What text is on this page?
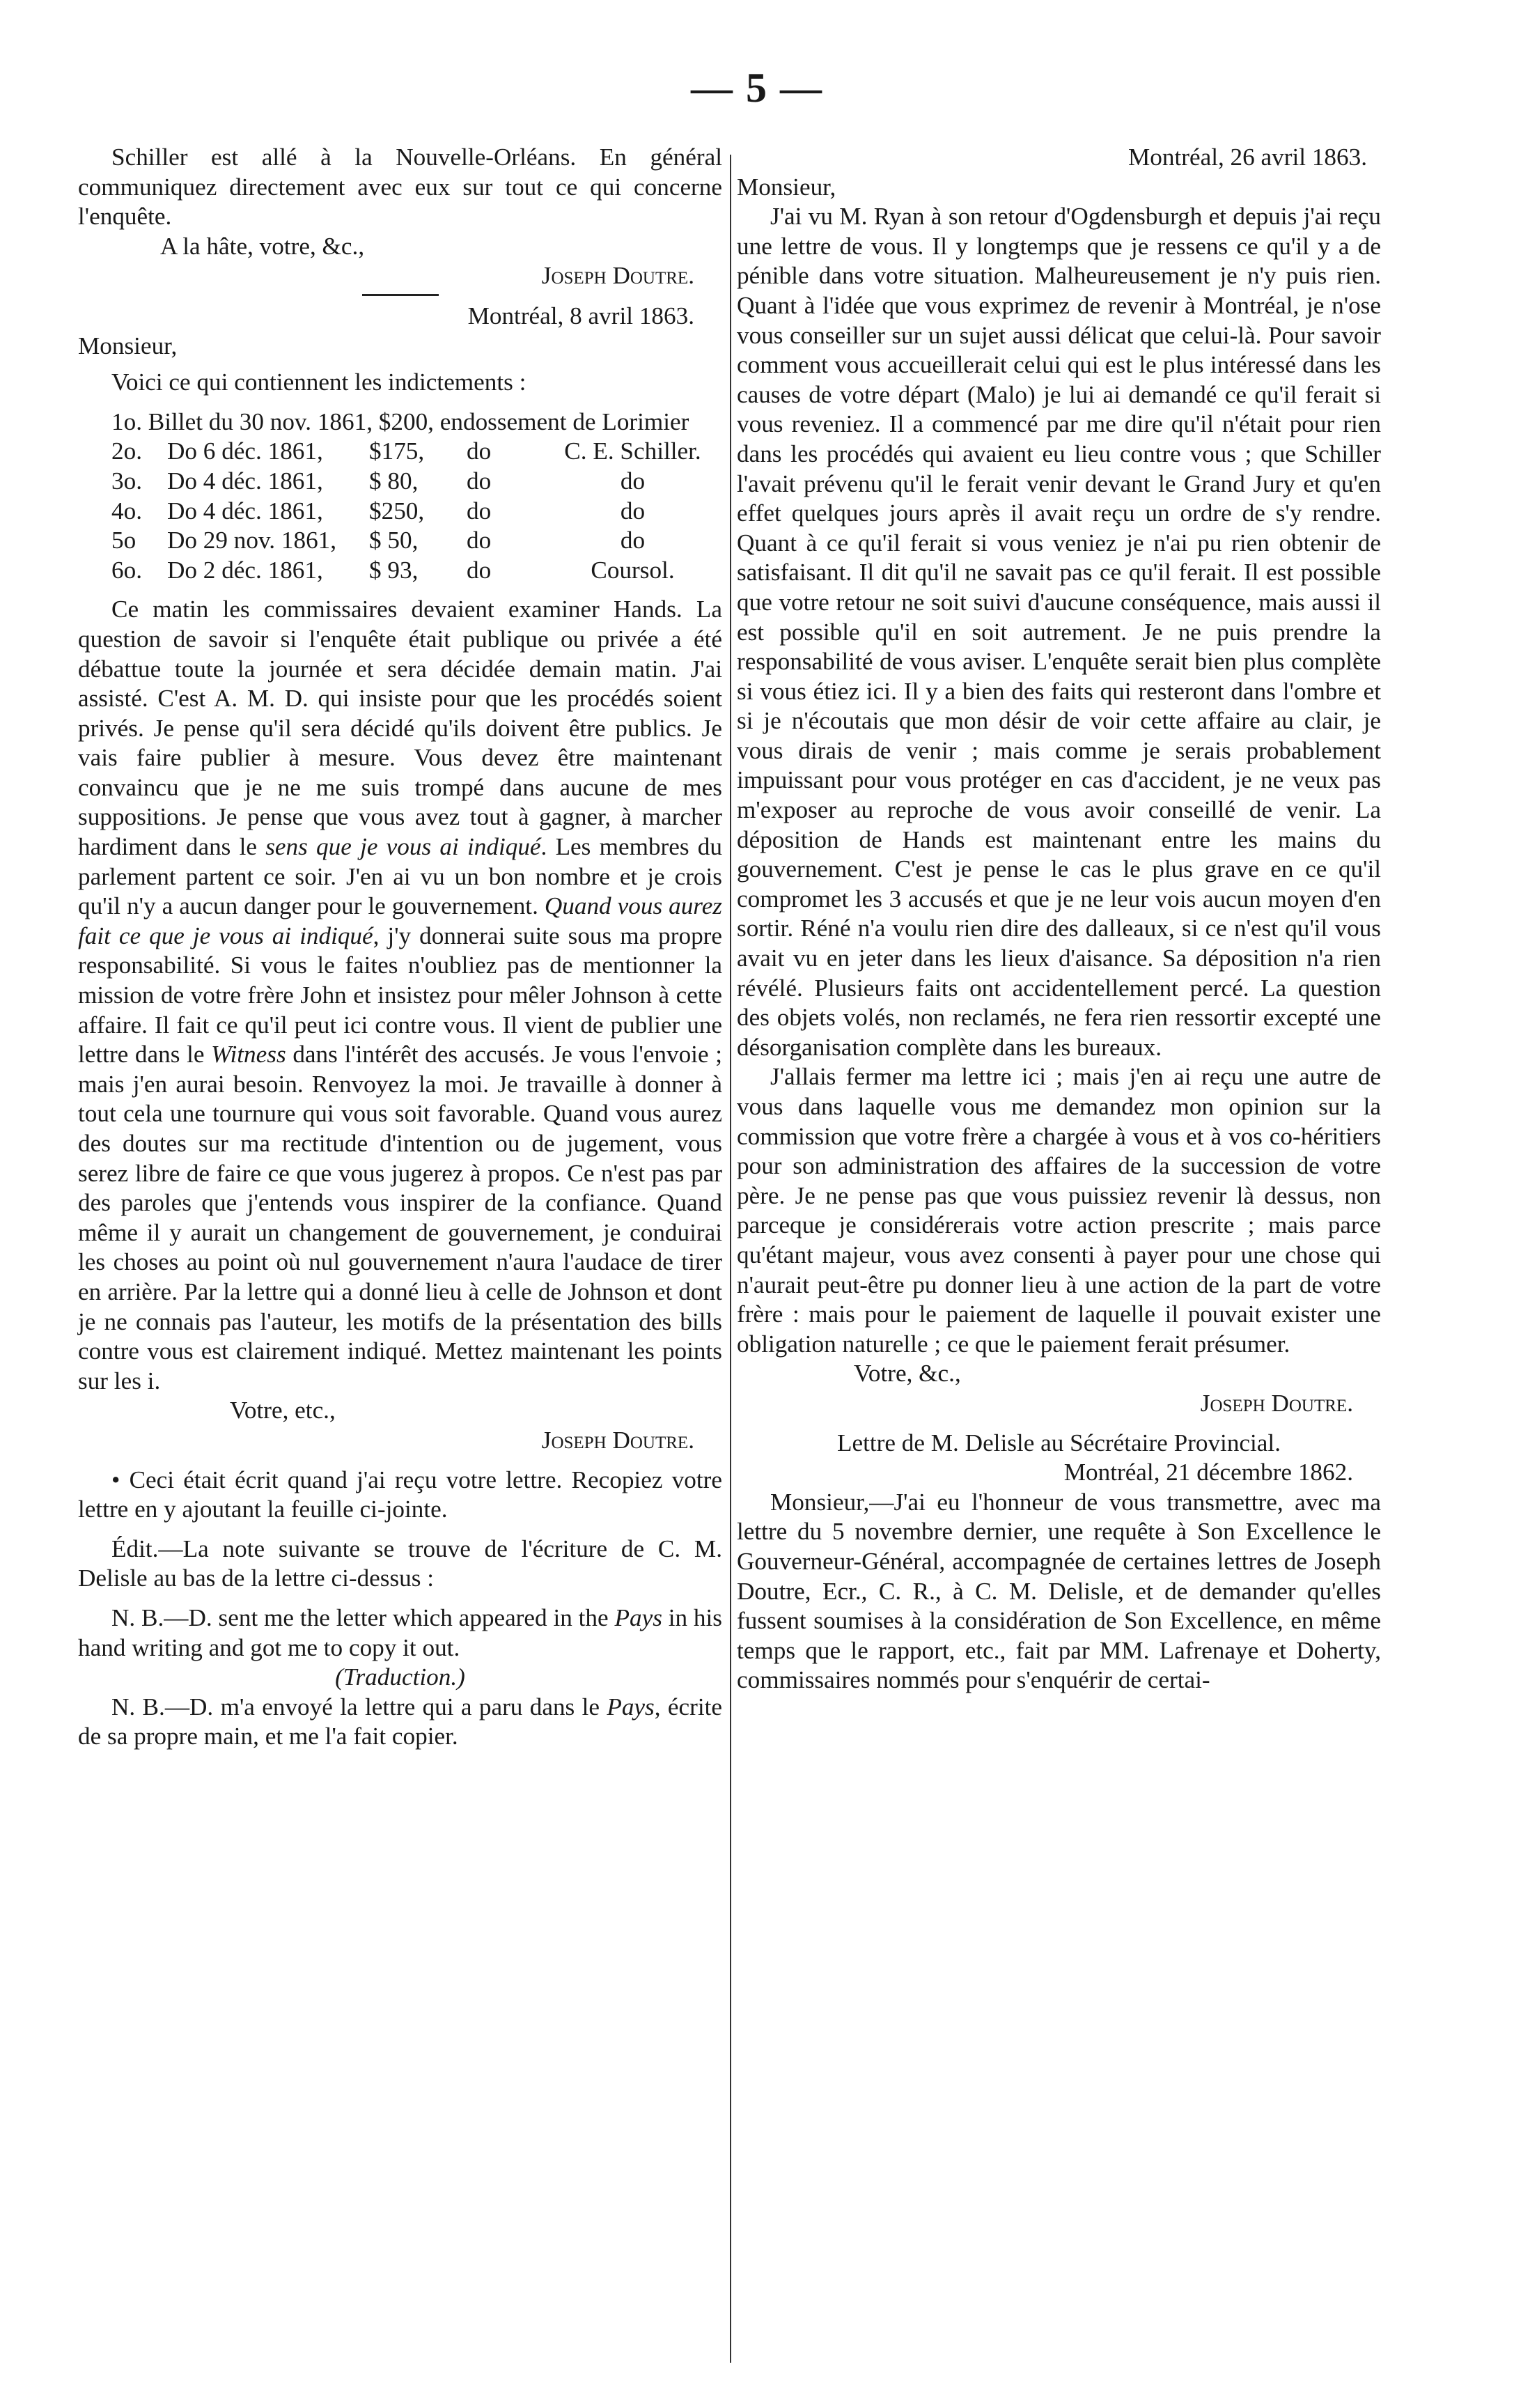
— 5 —

Schiller est allé à la Nouvelle-Orléans. En général communiquez directement avec eux sur tout ce qui concerne l'enquête.

A la hâte, votre, &c.,

Joseph Doutre.

Montréal, 8 avril 1863.

Monsieur,

Voici ce qui contiennent les indictements :

1o. Billet du 30 nov. 1861, $200, endossement de Lorimier

2o.	Do 6 déc. 1861,	$175,	do	C. E. Schiller.
3o.	Do 4 déc. 1861,	$ 80,	do	do
4o.	Do 4 déc. 1861,	$250,	do	do
5o	Do 29 nov. 1861,	$ 50,	do	do
6o.	Do 2 déc. 1861,	$ 93,	do	Coursol.

Ce matin les commissaires devaient examiner Hands. La question de savoir si l'enquête était publique ou privée a été débattue toute la journée et sera décidée demain matin. J'ai assisté. C'est A. M. D. qui insiste pour que les procédés soient privés. Je pense qu'il sera décidé qu'ils doivent être publics. Je vais faire publier à mesure. Vous devez être maintenant convaincu que je ne me suis trompé dans aucune de mes suppositions. Je pense que vous avez tout à gagner, à marcher hardiment dans le sens que je vous ai indiqué. Les membres du parlement partent ce soir. J'en ai vu un bon nombre et je crois qu'il n'y a aucun danger pour le gouvernement. Quand vous aurez fait ce que je vous ai indiqué, j'y donnerai suite sous ma propre responsabilité. Si vous le faites n'oubliez pas de mentionner la mission de votre frère John et insistez pour mêler Johnson à cette affaire. Il fait ce qu'il peut ici contre vous. Il vient de publier une lettre dans le Witness dans l'intérêt des accusés. Je vous l'envoie ; mais j'en aurai besoin. Renvoyez la moi. Je travaille à donner à tout cela une tournure qui vous soit favorable. Quand vous aurez des doutes sur ma rectitude d'intention ou de jugement, vous serez libre de faire ce que vous jugerez à propos. Ce n'est pas par des paroles que j'entends vous inspirer de la confiance. Quand même il y aurait un changement de gouvernement, je conduirai les choses au point où nul gouvernement n'aura l'audace de tirer en arrière. Par la lettre qui a donné lieu à celle de Johnson et dont je ne connais pas l'auteur, les motifs de la présentation des bills contre vous est clairement indiqué. Mettez maintenant les points sur les i.

Votre, etc.,

Joseph Doutre.

• Ceci était écrit quand j'ai reçu votre lettre. Recopiez votre lettre en y ajoutant la feuille ci-jointe.

Édit.—La note suivante se trouve de l'écriture de C. M. Delisle au bas de la lettre ci-dessus :

N. B.—D. sent me the letter which appeared in the Pays in his hand writing and got me to copy it out.

(Traduction.)

N. B.—D. m'a envoyé la lettre qui a paru dans le Pays, écrite de sa propre main, et me l'a fait copier.

Montréal, 26 avril 1863.

Monsieur,

J'ai vu M. Ryan à son retour d'Ogdensburgh et depuis j'ai reçu une lettre de vous. Il y longtemps que je ressens ce qu'il y a de pénible dans votre situation. Malheureusement je n'y puis rien. Quant à l'idée que vous exprimez de revenir à Montréal, je n'ose vous conseiller sur un sujet aussi délicat que celui-là. Pour savoir comment vous accueillerait celui qui est le plus intéressé dans les causes de votre départ (Malo) je lui ai demandé ce qu'il ferait si vous reveniez. Il a commencé par me dire qu'il n'était pour rien dans les procédés qui avaient eu lieu contre vous ; que Schiller l'avait prévenu qu'il le ferait venir devant le Grand Jury et qu'en effet quelques jours après il avait reçu un ordre de s'y rendre. Quant à ce qu'il ferait si vous veniez je n'ai pu rien obtenir de satisfaisant. Il dit qu'il ne savait pas ce qu'il ferait. Il est possible que votre retour ne soit suivi d'aucune conséquence, mais aussi il est possible qu'il en soit autrement. Je ne puis prendre la responsabilité de vous aviser. L'enquête serait bien plus complète si vous étiez ici. Il y a bien des faits qui resteront dans l'ombre et si je n'écoutais que mon désir de voir cette affaire au clair, je vous dirais de venir ; mais comme je serais probablement impuissant pour vous protéger en cas d'accident, je ne veux pas m'exposer au reproche de vous avoir conseillé de venir. La déposition de Hands est maintenant entre les mains du gouvernement. C'est je pense le cas le plus grave en ce qu'il compromet les 3 accusés et que je ne leur vois aucun moyen d'en sortir. Réné n'a voulu rien dire des dalleaux, si ce n'est qu'il vous avait vu en jeter dans les lieux d'aisance. Sa déposition n'a rien révélé. Plusieurs faits ont accidentellement percé. La question des objets volés, non reclamés, ne fera rien ressortir excepté une désorganisation complète dans les bureaux.

J'allais fermer ma lettre ici ; mais j'en ai reçu une autre de vous dans laquelle vous me demandez mon opinion sur la commission que votre frère a chargée à vous et à vos co-héritiers pour son administration des affaires de la succession de votre père. Je ne pense pas que vous puissiez revenir là dessus, non parceque je considérerais votre action prescrite ; mais parce qu'étant majeur, vous avez consenti à payer pour une chose qui n'aurait peut-être pu donner lieu à une action de la part de votre frère : mais pour le paiement de laquelle il pouvait exister une obligation naturelle ; ce que le paiement ferait présumer.

Votre, &c.,

Joseph Doutre.

Lettre de M. Delisle au Sécrétaire Provincial.

Montréal, 21 décembre 1862.

Monsieur,—J'ai eu l'honneur de vous transmettre, avec ma lettre du 5 novembre dernier, une requête à Son Excellence le Gouverneur-Général, accompagnée de certaines lettres de Joseph Doutre, Ecr., C. R., à C. M. Delisle, et de demander qu'elles fussent soumises à la considération de Son Excellence, en même temps que le rapport, etc., fait par MM. Lafrenaye et Doherty, commissaires nommés pour s'enquérir de certai-
